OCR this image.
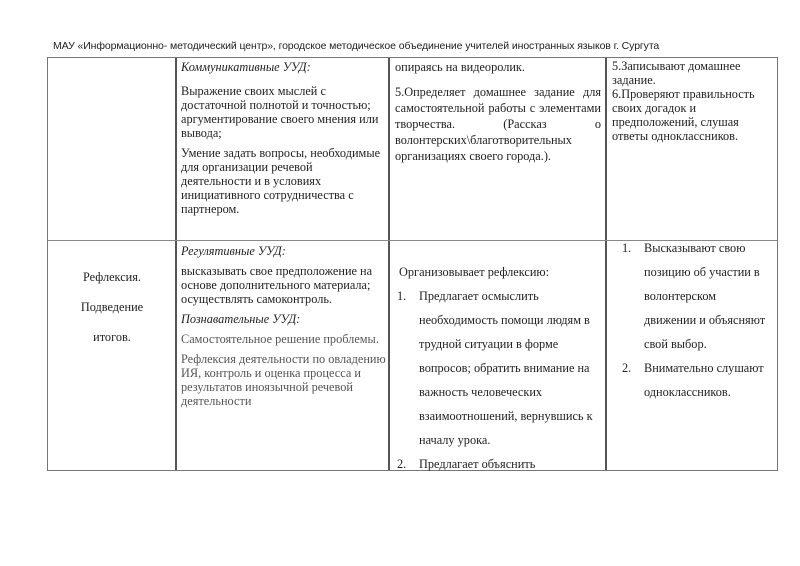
МАУ «Информационно- методический центр», городское методическое объединение учителей иностранных языков г. Сургута

Коммуникативные УУД:

Выражение своих мыслей с достаточной полнотой и точностью; аргументирование своего мнения или вывода;

Умение задать вопросы, необходимые для организации речевой деятельности и в условиях инициативного сотрудничества с партнером.

опираясь на видеоролик.

5.Определяет домашнее задание для самостоятельной работы с элементами творчества. (Рассказ о волонтерских\благотворительных организациях своего города.).

5.Записывают домашнее задание.

6.Проверяют правильность своих догадок и предположений, слушая ответы одноклассников.

Рефлексия.

Подведение

итогов.

Регулятивные УУД:

высказывать свое предположение на основе дополнительного материала; осуществлять самоконтроль.

Познавательные УУД:

Самостоятельное решение проблемы.

Рефлексия деятельности по овладению ИЯ, контроль и оценка процесса и результатов иноязычной речевой деятельности

Организовывает рефлексию:

1. Предлагает осмыслить необходимость помощи людям в трудной ситуации в форме вопросов; обратить внимание на важность человеческих взаимоотношений, вернувшись к началу урока.
2. Предлагает объяснить
1. Высказывают свою позицию об участии в волонтерском движении и объясняют свой выбор.
2. Внимательно слушают одноклассников.
